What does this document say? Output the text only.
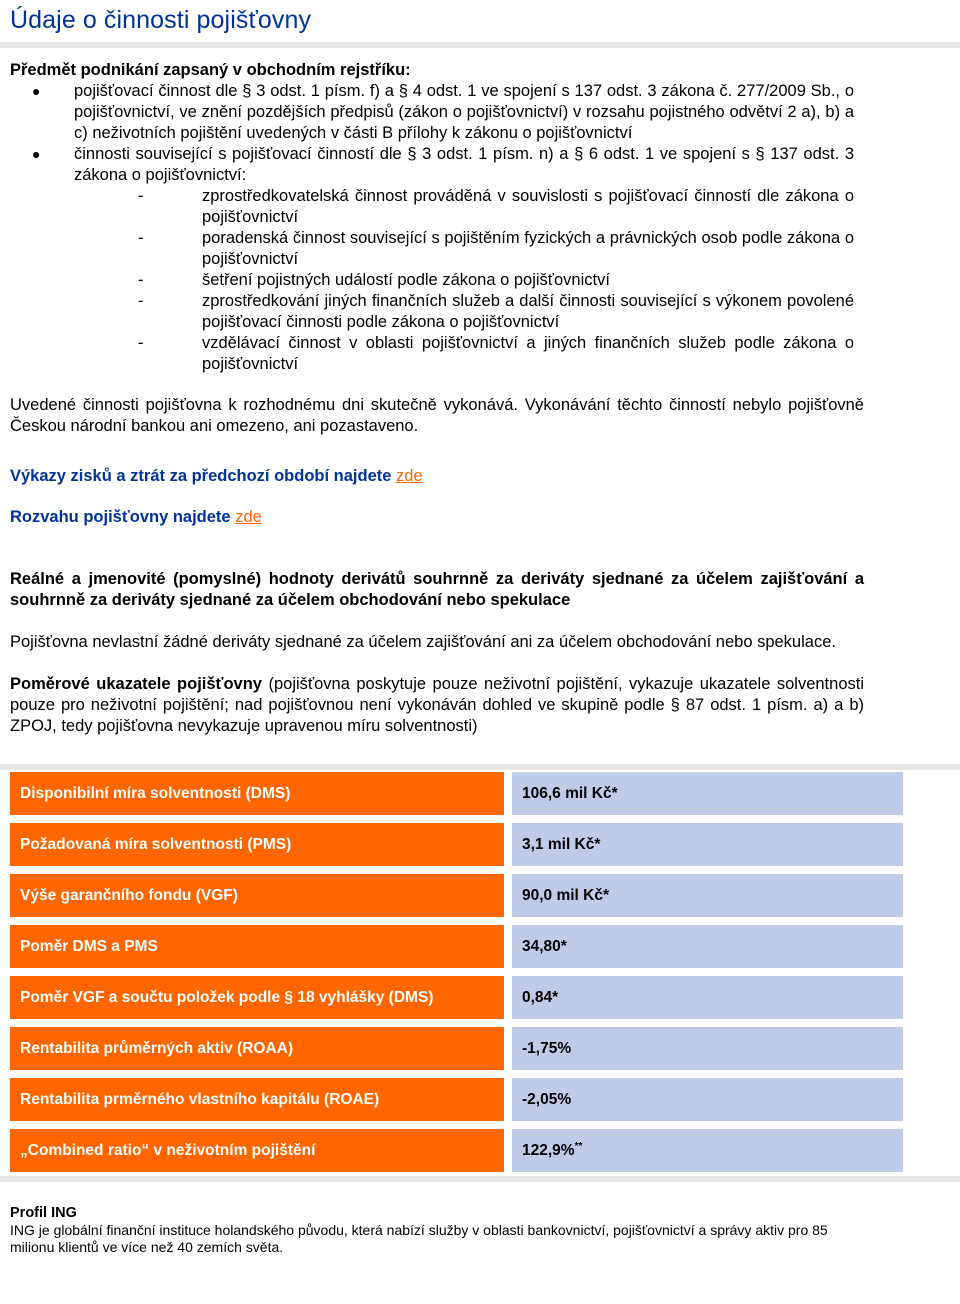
Údaje o činnosti pojišťovny

Předmět podnikání zapsaný v obchodním rejstříku:

● pojišťovací činnost dle § 3 odst. 1 písm. f) a § 4 odst. 1 ve spojení s 137 odst. 3 zákona č. 277/2009 Sb., o pojišťovnictví, ve znění pozdějších předpisů (zákon o pojišťovnictví) v rozsahu pojistného odvětví 2 a), b) a c) neživotních pojištění uvedených v části B přílohy k zákonu o pojišťovnictví
● činnosti související s pojišťovací činností dle § 3 odst. 1 písm. n) a § 6 odst. 1 ve spojení s § 137 odst. 3 zákona o pojišťovnictví:
-	zprostředkovatelská činnost prováděná v souvislosti s pojišťovací činností dle zákona o pojišťovnictví
-	poradenská činnost související s pojištěním fyzických a právnických osob podle zákona o pojišťovnictví
-	šetření pojistných událostí podle zákona o pojišťovnictví
-	zprostředkování jiných finančních služeb a další činnosti související s výkonem povolené pojišťovací činnosti podle zákona o pojišťovnictví
-	vzdělávací činnost v oblasti pojišťovnictví a jiných finančních služeb podle zákona o pojišťovnictví

Uvedené činnosti pojišťovna k rozhodnému dni skutečně vykonává. Vykonávání těchto činností nebylo pojišťovně Českou národní bankou ani omezeno, ani pozastaveno.

Výkazy zisků a ztrát za předchozí období najdete zde

Rozvahu pojišťovny najdete zde

Reálné a jmenovité (pomyslné) hodnoty derivátů souhrnně za deriváty sjednané za účelem zajišťování a souhrnně za deriváty sjednané za účelem obchodování nebo spekulace

Pojišťovna nevlastní žádné deriváty sjednané za účelem zajišťování ani za účelem obchodování nebo spekulace.

Poměrové ukazatele pojišťovny (pojišťovna poskytuje pouze neživotní pojištění, vykazuje ukazatele solventnosti pouze pro neživotní pojištění; nad pojišťovnou není vykonáván dohled ve skupině podle § 87 odst. 1 písm. a) a b) ZPOJ, tedy pojišťovna nevykazuje upravenou míru solventnosti)

Disponibilní míra solventnosti (DMS)	106,6 mil Kč*

Požadovaná míra solventnosti (PMS)	3,1 mil Kč*

Výše garančního fondu (VGF)	90,0 mil Kč*

Poměr DMS a PMS	34,80*

Poměr VGF a součtu položek podle § 18 vyhlášky (DMS)	0,84*

Rentabilita průměrných aktiv (ROAA)	-1,75%

Rentabilita prměrného vlastního kapitálu (ROAE)	-2,05%

„Combined ratio“ v neživotním pojištění	122,9%**

Profil ING

ING je globální finanční instituce holandského původu, která nabízí služby v oblasti bankovnictví, pojišťovnictví a správy aktiv pro 85 milionu klientů ve více než 40 zemích světa.
